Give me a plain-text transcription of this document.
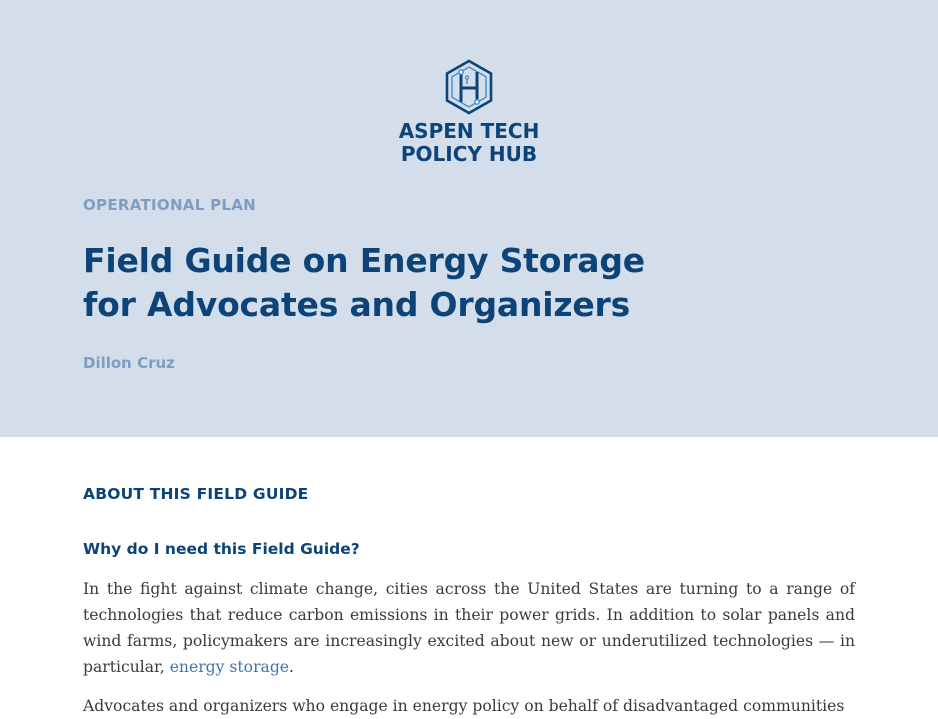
ASPEN TECH
POLICY HUB

OPERATIONAL PLAN

Field Guide on Energy Storage
for Advocates and Organizers

Dillon Cruz

ABOUT THIS FIELD GUIDE
Why do I need this Field Guide?

In the fight against climate change, cities across the United States are turning to a range of technologies that reduce carbon emissions in their power grids. In addition to solar panels and wind farms, policymakers are increasingly excited about new or underutilized technologies — in particular, energy storage.

Advocates and organizers who engage in energy policy on behalf of disadvantaged communities
